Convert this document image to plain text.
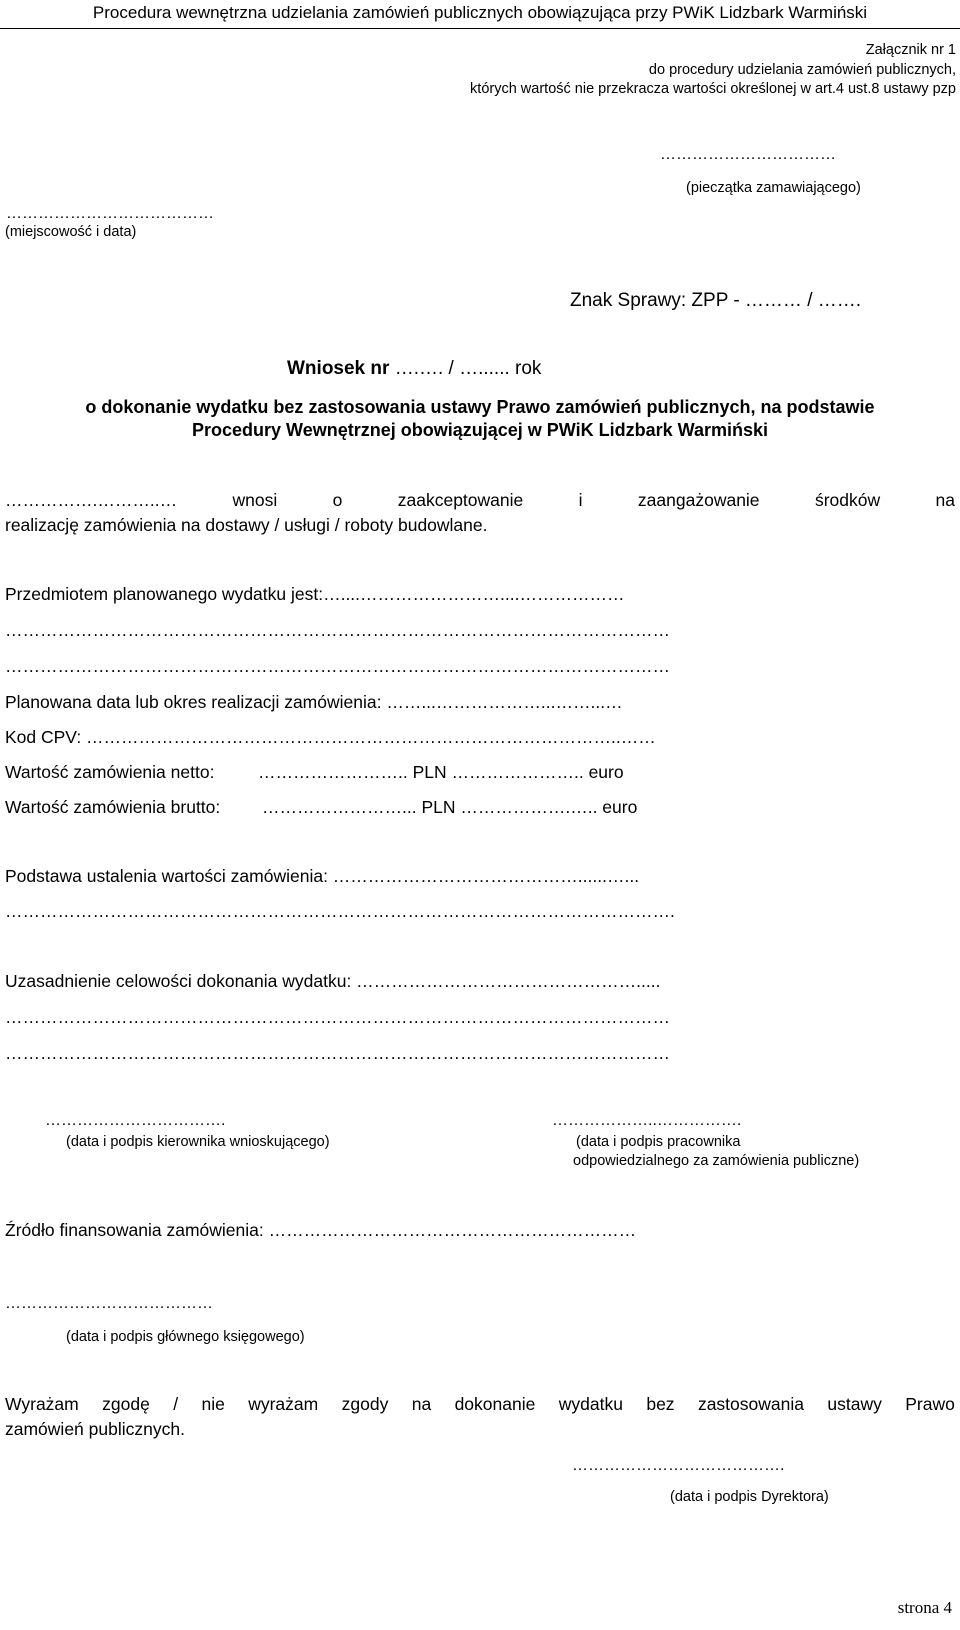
Procedura wewnętrzna udzielania zamówień publicznych obowiązująca przy PWiK Lidzbark Warmiński
Załącznik nr 1
do procedury udzielania zamówień publicznych,
których wartość nie przekracza wartości określonej w art.4 ust.8 ustawy pzp
……………………………
(pieczątka zamawiającego)
…………………………………
(miejscowość i data)
Znak Sprawy: ZPP - ……… / …….
Wniosek nr ….…. / …...... rok
o dokonanie wydatku bez zastosowania ustawy Prawo zamówień publicznych, na podstawie
Procedury Wewnętrznej obowiązującej w PWiK Lidzbark Warmiński
…………….………..…	wnosi	o	zaakceptowanie	i	zaangażowanie	środków	na
realizację zamówienia na dostawy / usługi / roboty budowlane.
Przedmiotem planowanego wydatku jest:…....……………………....………………
……………………………………………………………………………………………………
……………………………………………………………………………………………………
Planowana data lub okres realizacji zamówienia: ……...………………...……...…
Kod CPV: ………………………………………………………………………………..……
Wartość zamówienia netto: …………………….. PLN ………………….. euro
Wartość zamówienia brutto: ……………………... PLN ……………….….. euro
Podstawa ustalenia wartości zamówienia: ……………………………………......…...
…………………………………………………………………………………………………….
Uzasadnienie celowości dokonania wydatku: ………………………………………….....
……………………………………………………………………………………………………
……………………………………………………………………………………………………
…………………………….
(data i podpis kierownika wnioskującego)
………………..…………….
(data i podpis pracownika
odpowiedzialnego za zamówienia publiczne)
Źródło finansowania zamówienia: ………………………………………………………
…………………………………
(data i podpis głównego księgowego)
Wyrażam zgodę / nie wyrażam zgody na dokonanie wydatku bez zastosowania ustawy Prawo
zamówień publicznych.
………………………………….
(data i podpis Dyrektora)
strona 4
